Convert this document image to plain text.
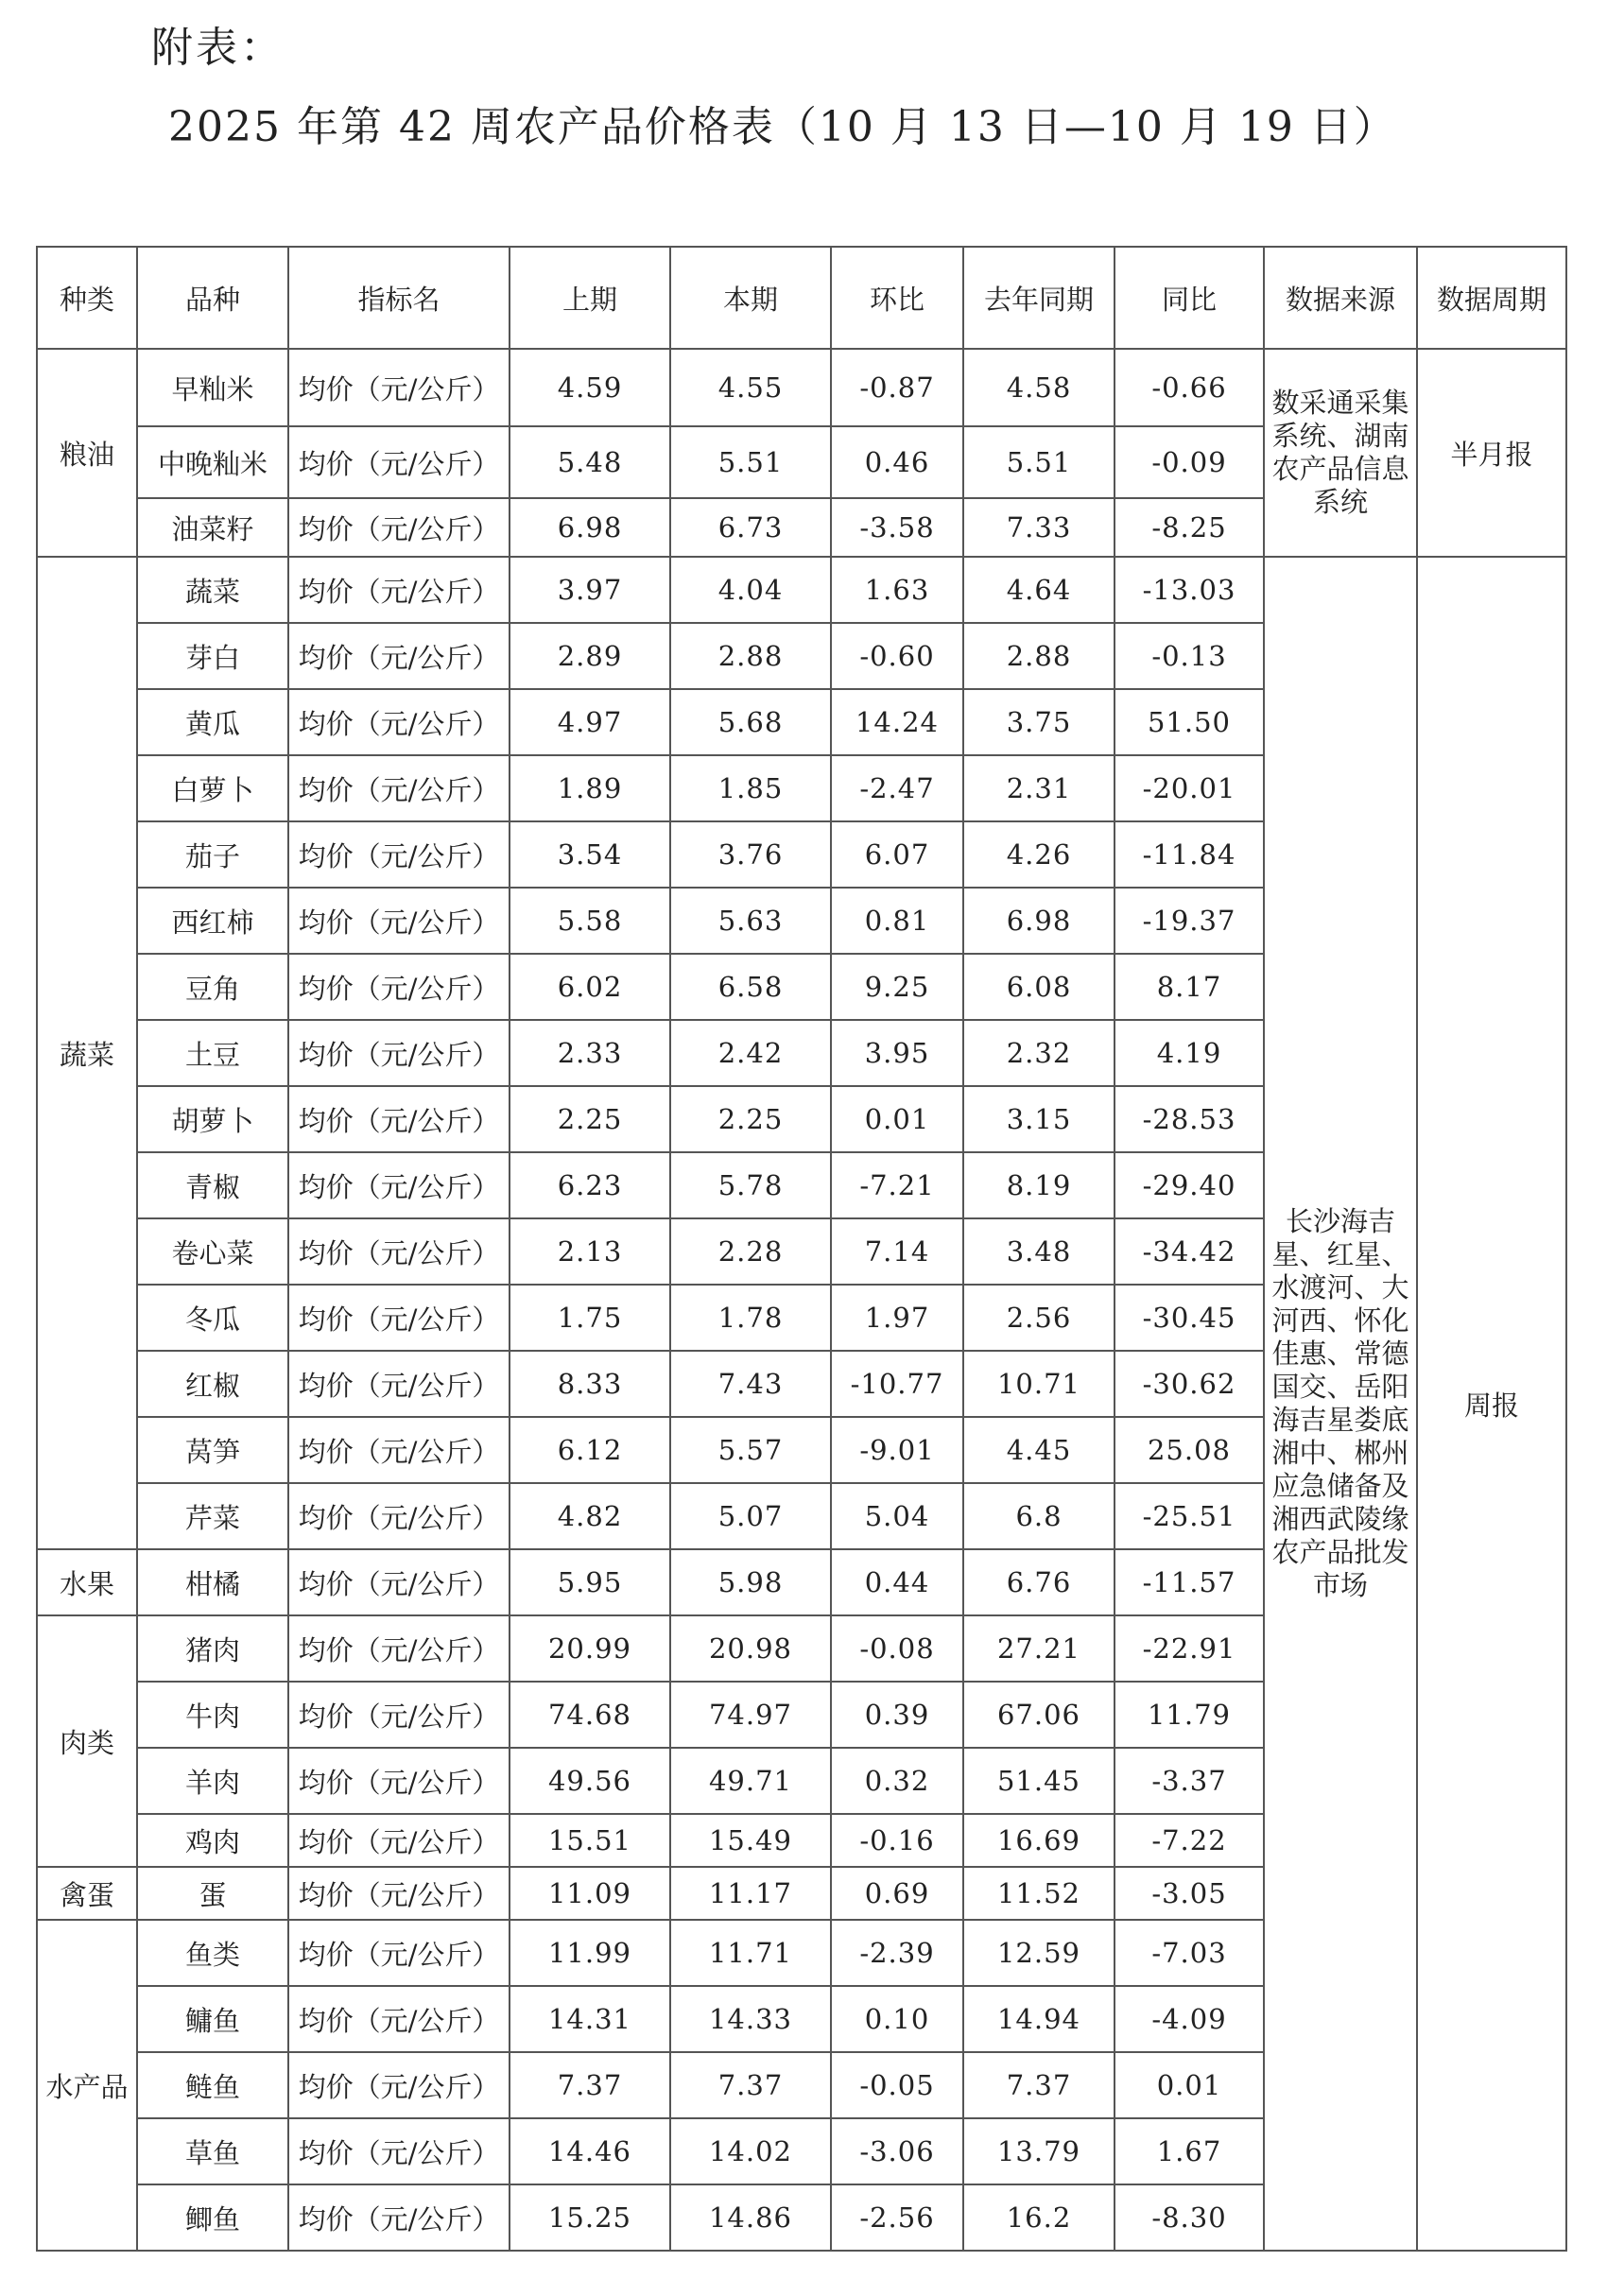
附表：
2025 年第 42 周农产品价格表（10 月 13 日—10 月 19 日）
种类	品种	指标名	上期	本期	环比	去年同期	同比	数据来源	数据周期
粮油	早籼米	均价（元/公斤）	4.59	4.55	-0.87	4.58	-0.66	数采通采集系统、湖南农产品信息系统	半月报
	中晚籼米	均价（元/公斤）	5.48	5.51	0.46	5.51	-0.09		
	油菜籽	均价（元/公斤）	6.98	6.73	-3.58	7.33	-8.25		
蔬菜	蔬菜	均价（元/公斤）	3.97	4.04	1.63	4.64	-13.03	长沙海吉星、红星、水渡河、大河西、怀化佳惠、常德国交、岳阳海吉星娄底湘中、郴州应急储备及湘西武陵缘农产品批发市场	周报
	芽白	均价（元/公斤）	2.89	2.88	-0.60	2.88	-0.13		
	黄瓜	均价（元/公斤）	4.97	5.68	14.24	3.75	51.50		
	白萝卜	均价（元/公斤）	1.89	1.85	-2.47	2.31	-20.01		
	茄子	均价（元/公斤）	3.54	3.76	6.07	4.26	-11.84		
	西红柿	均价（元/公斤）	5.58	5.63	0.81	6.98	-19.37		
	豆角	均价（元/公斤）	6.02	6.58	9.25	6.08	8.17		
	土豆	均价（元/公斤）	2.33	2.42	3.95	2.32	4.19		
	胡萝卜	均价（元/公斤）	2.25	2.25	0.01	3.15	-28.53		
	青椒	均价（元/公斤）	6.23	5.78	-7.21	8.19	-29.40		
	卷心菜	均价（元/公斤）	2.13	2.28	7.14	3.48	-34.42		
	冬瓜	均价（元/公斤）	1.75	1.78	1.97	2.56	-30.45		
	红椒	均价（元/公斤）	8.33	7.43	-10.77	10.71	-30.62		
	莴笋	均价（元/公斤）	6.12	5.57	-9.01	4.45	25.08		
	芹菜	均价（元/公斤）	4.82	5.07	5.04	6.8	-25.51		
水果	柑橘	均价（元/公斤）	5.95	5.98	0.44	6.76	-11.57		
肉类	猪肉	均价（元/公斤）	20.99	20.98	-0.08	27.21	-22.91		
	牛肉	均价（元/公斤）	74.68	74.97	0.39	67.06	11.79		
	羊肉	均价（元/公斤）	49.56	49.71	0.32	51.45	-3.37		
	鸡肉	均价（元/公斤）	15.51	15.49	-0.16	16.69	-7.22		
禽蛋	蛋	均价（元/公斤）	11.09	11.17	0.69	11.52	-3.05		
水产品	鱼类	均价（元/公斤）	11.99	11.71	-2.39	12.59	-7.03		
	鳙鱼	均价（元/公斤）	14.31	14.33	0.10	14.94	-4.09		
	鲢鱼	均价（元/公斤）	7.37	7.37	-0.05	7.37	0.01		
	草鱼	均价（元/公斤）	14.46	14.02	-3.06	13.79	1.67		
	鲫鱼	均价（元/公斤）	15.25	14.86	-2.56	16.2	-8.30		
